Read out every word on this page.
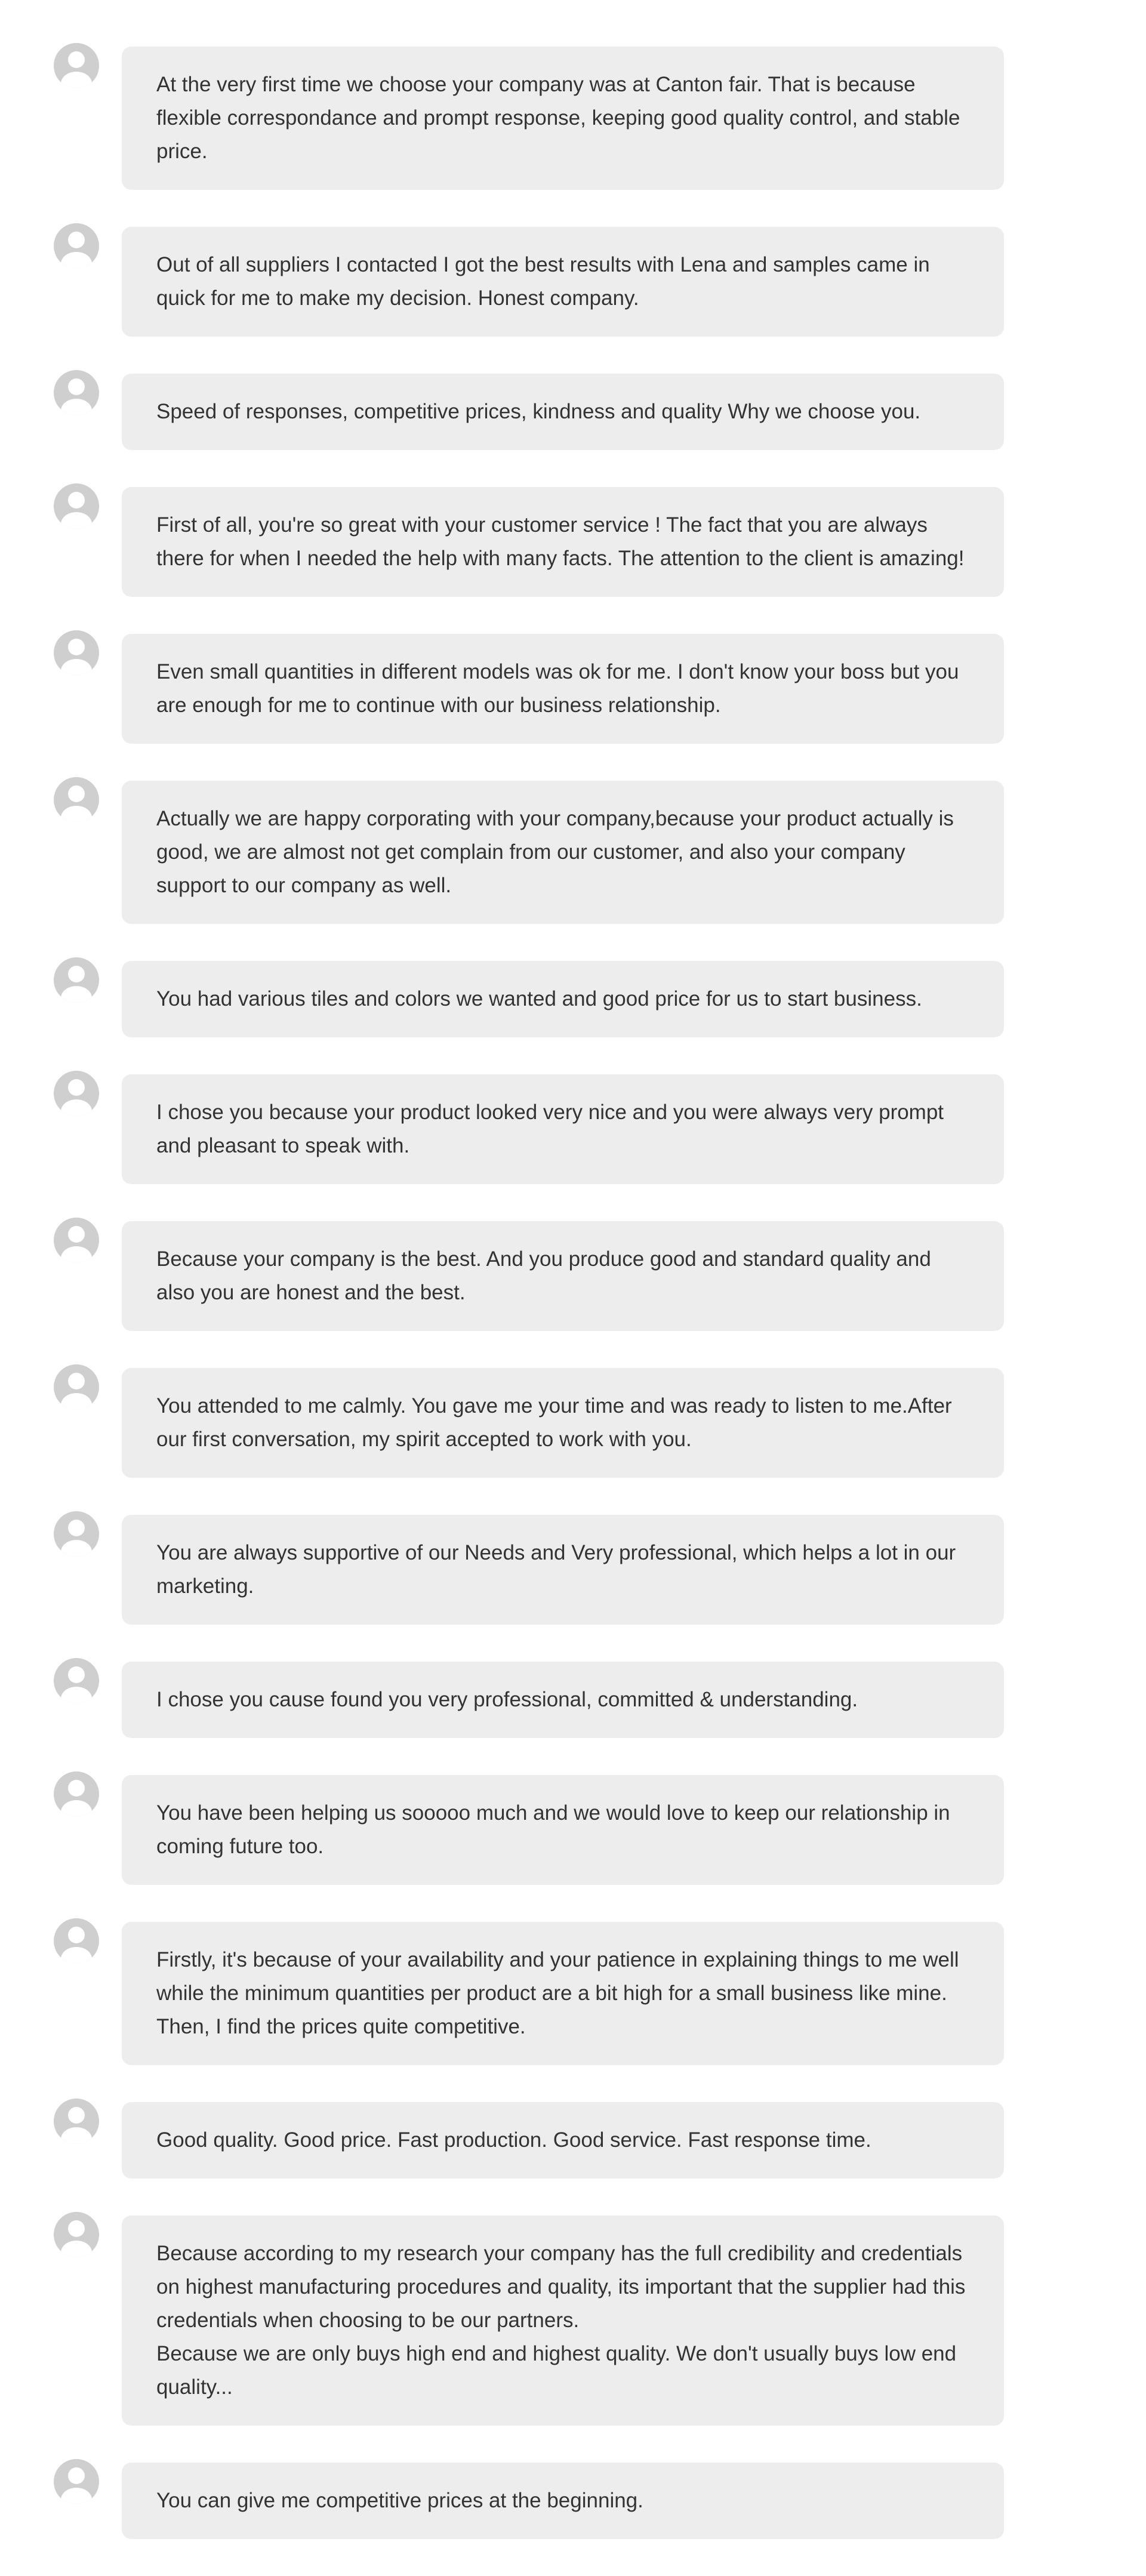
At the very first time we choose your company was at Canton fair. That is because flexible correspondance and prompt response, keeping good quality control, and stable price.

Out of all suppliers I contacted I got the best results with Lena and samples came in quick for me to make my decision. Honest company.

Speed of responses, competitive prices, kindness and quality Why we choose you.

First of all, you're so great with your customer service ! The fact that you are always there for when I needed the help with many facts. The attention to the client is amazing!

Even small quantities in different models was ok for me. I don't know your boss but you are enough for me to continue with our business relationship.

Actually we are happy corporating with your company,because your product actually is good, we are almost not get complain from our customer, and also your company support to our company as well.

You had various tiles and colors we wanted and good price for us to start business.

I chose you because your product looked very nice and you were always very prompt and pleasant to speak with.

Because your company is the best. And you produce good and standard quality and also you are honest and the best.

You attended to me calmly. You gave me your time and was ready to listen to me.After our first conversation, my spirit accepted to work with you.

You are always supportive of our Needs and Very professional, which helps a lot in our marketing.

I chose you cause found you very professional, committed & understanding.

You have been helping us sooooo much and we would love to keep our relationship in coming future too.

Firstly, it's because of your availability and your patience in explaining things to me well while the minimum quantities per product are a bit high for a small business like mine. Then, I find the prices quite competitive.

Good quality. Good price. Fast production. Good service. Fast response time.

Because according to my research your company has the full credibility and credentials on highest manufacturing procedures and quality, its important that the supplier had this credentials when choosing to be our partners.

Because we are only buys high end and highest quality. We don't usually buys low end quality...

You can give me competitive prices at the beginning.
